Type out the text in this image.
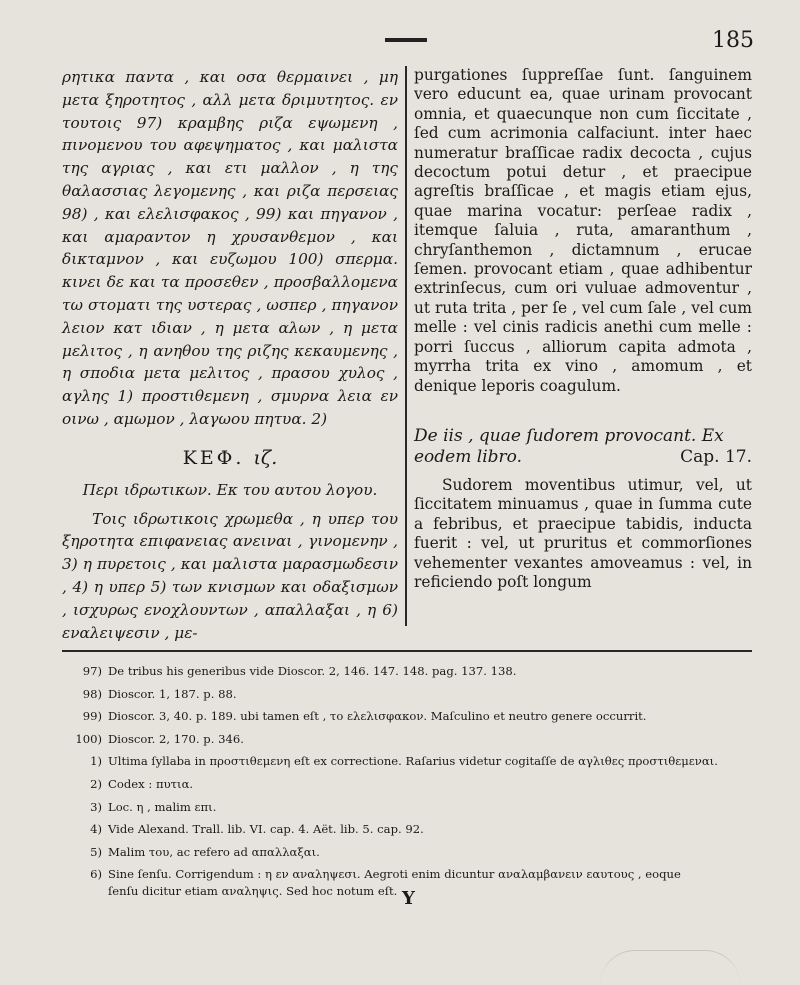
185

ρητικα παντα , και οσα θερμαινει , μη μετα ξηροτητος , αλλ μετα δριμυτητος. εν τουτοις 97) κραμβης ριζα εψωμενη , πινομενου του αφεψηματος , και μαλιστα της αγριας , και ετι μαλλον , η της θαλασσιας λεγομενης , και ριζα περσειας 98) , και ελελισφακος , 99) και πηγανον , και αμαραντον η χρυσανθεμον , και δικταμνον , και ευζωμου 100) σπερμα. κινει δε και τα προσεθεν , προσβαλλομενα τω στοματι της υστερας , ωσπερ , πηγανον λειον κατ ιδιαν , η μετα αλων , η μετα μελιτος , η ανηθου της ριζης κεκαυμενης , η σποδια μετα μελιτος , πρασου χυλος , αγλης 1) προστιθεμενη , σμυρνα λεια εν οινω , αμωμον , λαγωου πητυα. 2)

ΚΕΦ. ιζ.

Περι ιδρωτικων. Εκ του αυτου λογου.

Τοις ιδρωτικοις χρωμεθα , η υπερ του ξηροτητα επιφανειας ανειναι , γινομενην , 3) η πυρετοις , και μαλιστα μαρασμωδεσιν , 4) η υπερ 5) των κνισμων και οδαξισμων , ισχυρως ενοχλουντων , απαλλαξαι , η 6) εναλειψεσιν , με-

purgationes ſuppreſſae ſunt. ſanguinem vero educunt ea, quae urinam provocant omnia, et quaecunque non cum ſiccitate , ſed cum acrimonia calfaciunt. inter haec numeratur braſſicae radix decocta , cujus decoctum potui detur , et praecipue agreſtis braſſicae , et magis etiam ejus, quae marina vocatur: perſeae radix , itemque ſaluia , ruta, amaranthum , chryſanthemon , dictamnum , erucae ſemen. provocant etiam , quae adhibentur extrinſecus, cum ori vuluae admoventur , ut ruta trita , per ſe , vel cum ſale , vel cum melle : vel cinis radicis anethi cum melle : porri ſuccus , alliorum capita admota , myrrha trita ex vino , amomum , et denique leporis coagulum.

De iis , quae ſudorem provocant. Ex eodem libro.	Cap. 17.

Sudorem moventibus utimur, vel, ut ſiccitatem minuamus , quae in ſumma cute a febribus, et praecipue tabidis, inducta fuerit : vel, ut pruritus et commorſiones vehementer vexantes amoveamus : vel, in reficiendo poſt longum

97) De tribus his generibus vide Dioscor. 2, 146. 147. 148. pag. 137. 138.
98) Dioscor. 1, 187. p. 88.
99) Dioscor. 3, 40. p. 189. ubi tamen eſt , το ελελισφακον. Maſculino et neutro genere occurrit.
100) Dioscor. 2, 170. p. 346.
1) Ultima ſyllaba in προστιθεμενη eſt ex correctione. Raſarius videtur cogitaſſe de αγλιθες προστιθεμεναι.
2) Codex : πυτια.
3) Loc. η , malim επι.
4) Vide Alexand. Trall. lib. VI. cap. 4. Aët. lib. 5. cap. 92.
5) Malim του, ac refero ad απαλλαξαι.
6) Sine ſenſu. Corrigendum : η εν αναληψεσι. Aegroti enim dicuntur αναλαμβανειν εαυτους , eoque
ſenſu dicitur etiam αναληψις. Sed hoc notum eſt. Y
